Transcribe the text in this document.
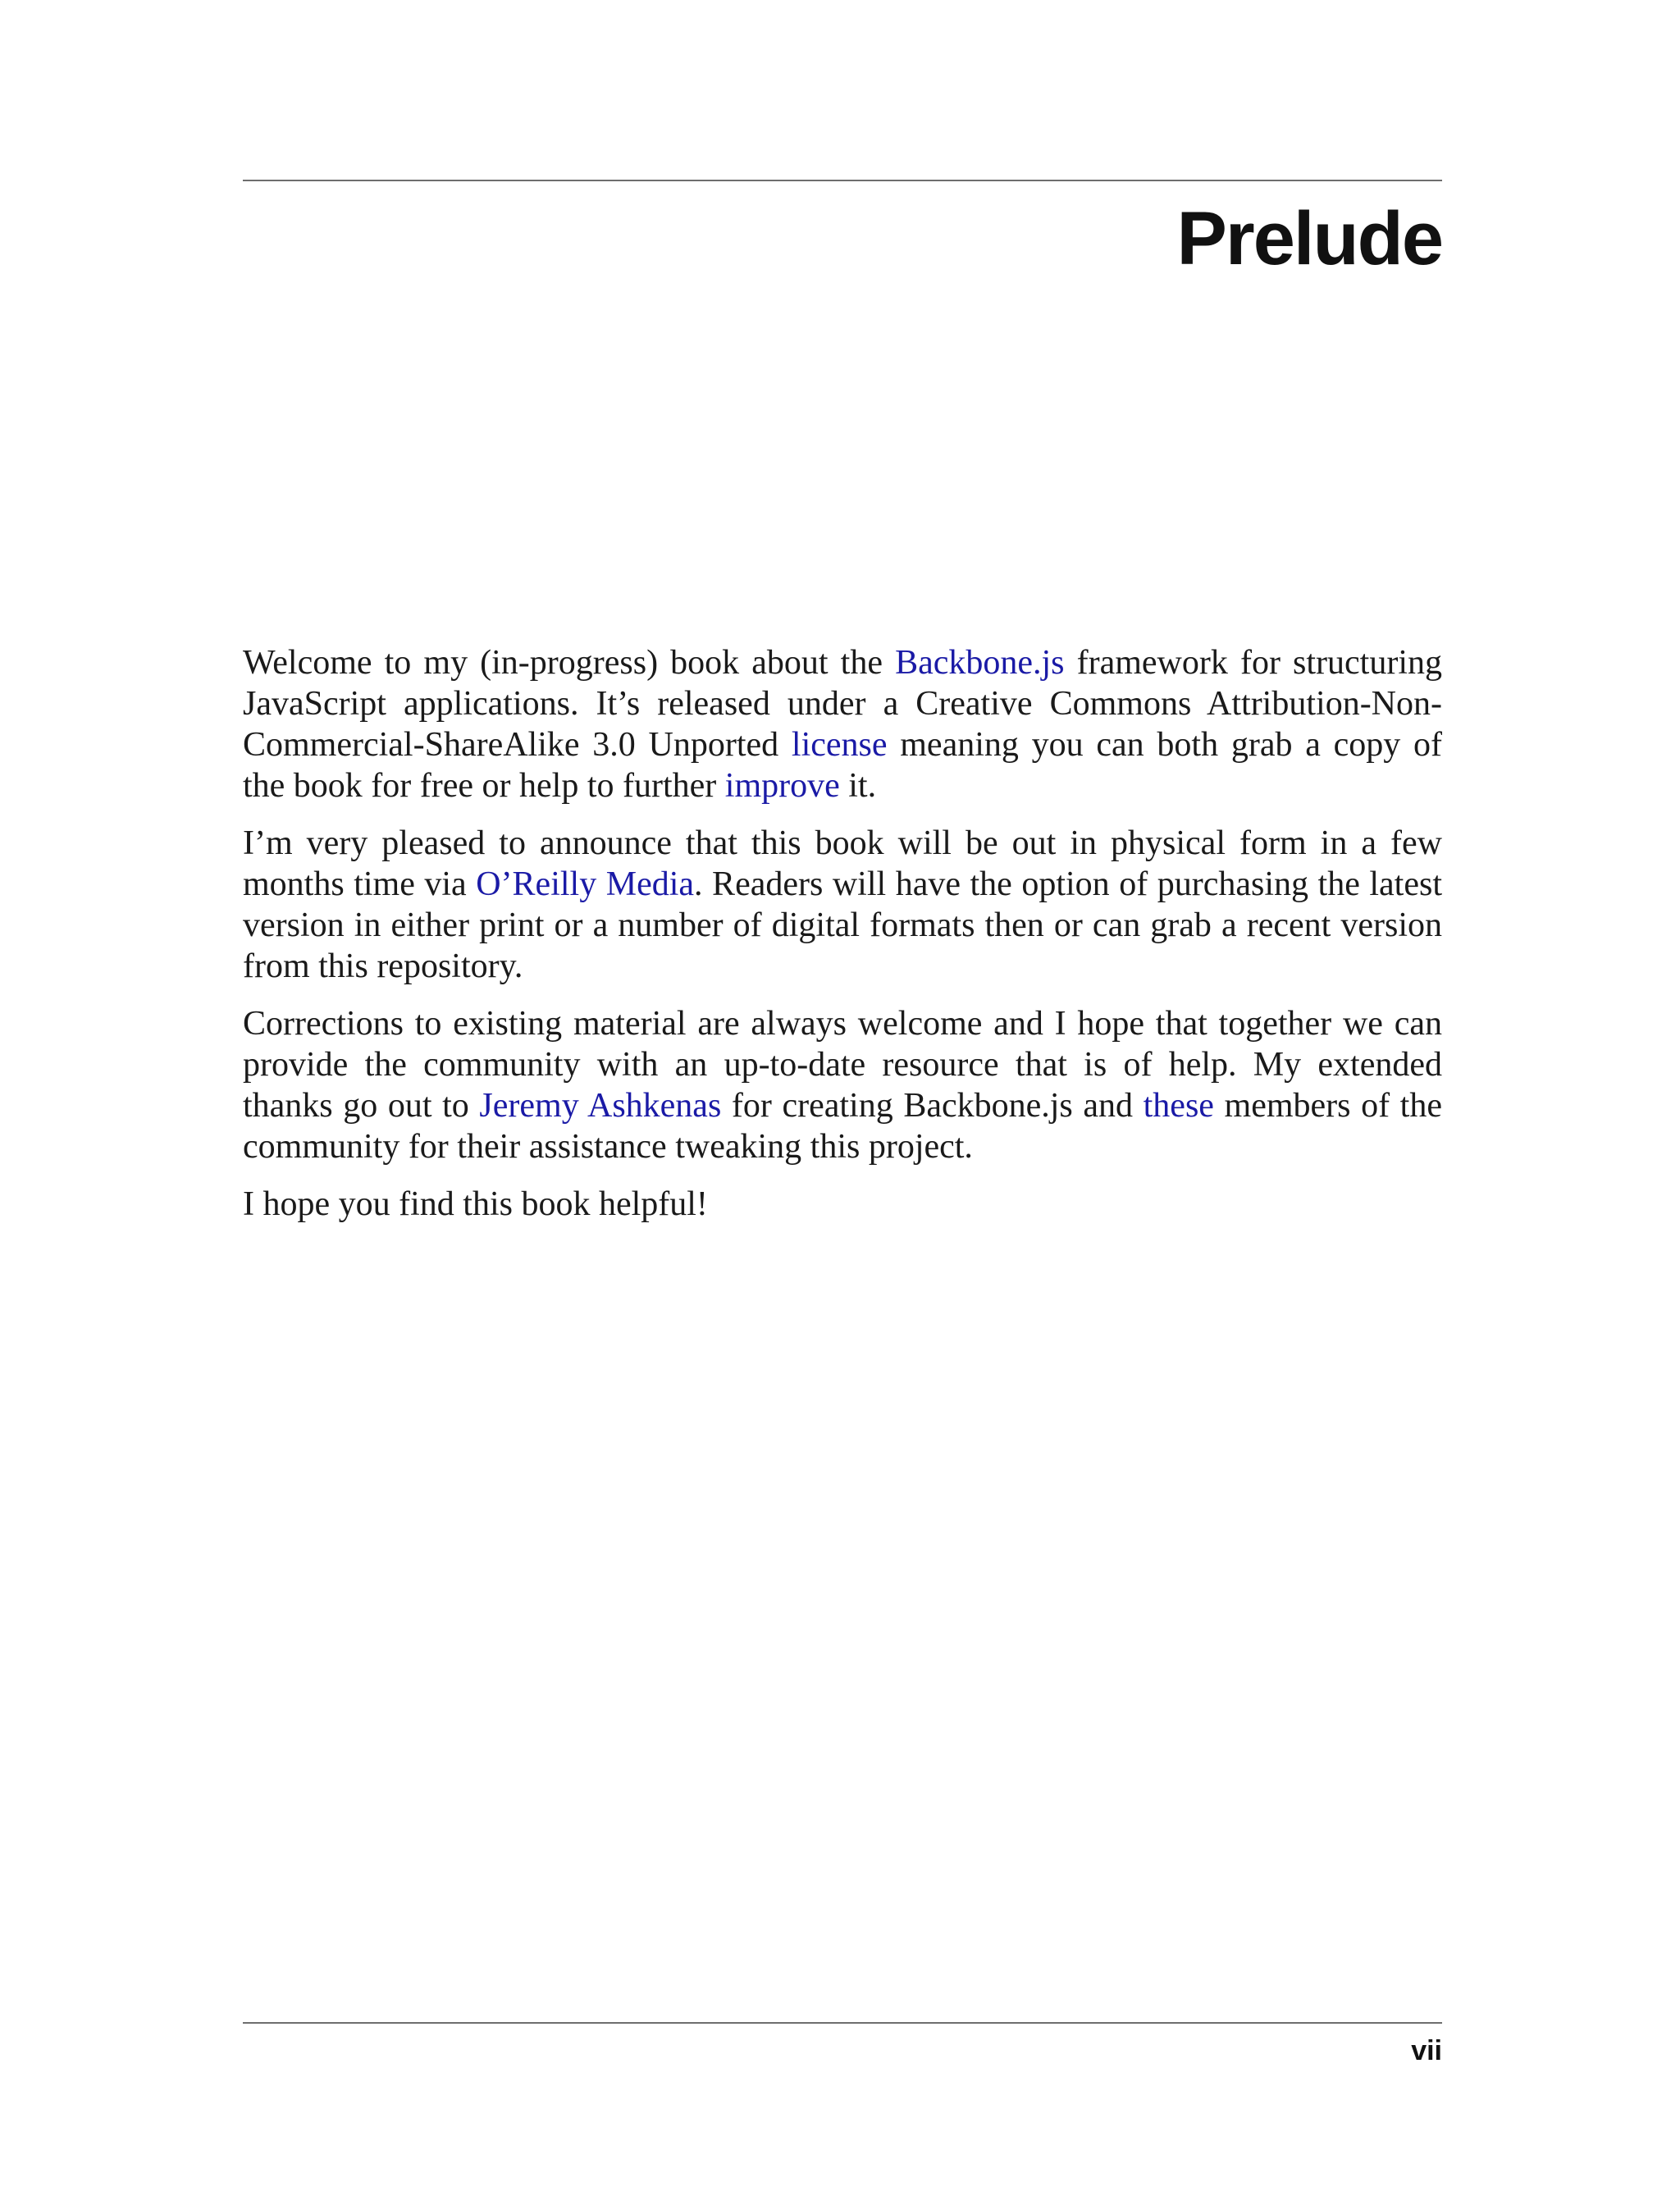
Prelude

Welcome to my (in-progress) book about the Backbone.js framework for structuring JavaScript applications. It’s released under a Creative Commons Attribution-Non-Commercial-ShareAlike 3.0 Unported license meaning you can both grab a copy of the book for free or help to further improve it.

I’m very pleased to announce that this book will be out in physical form in a few months time via O’Reilly Media. Readers will have the option of purchasing the latest version in either print or a number of digital formats then or can grab a recent version from this repository.

Corrections to existing material are always welcome and I hope that together we can provide the community with an up-to-date resource that is of help. My extended thanks go out to Jeremy Ashkenas for creating Backbone.js and these members of the community for their assistance tweaking this project.

I hope you find this book helpful!

vii
